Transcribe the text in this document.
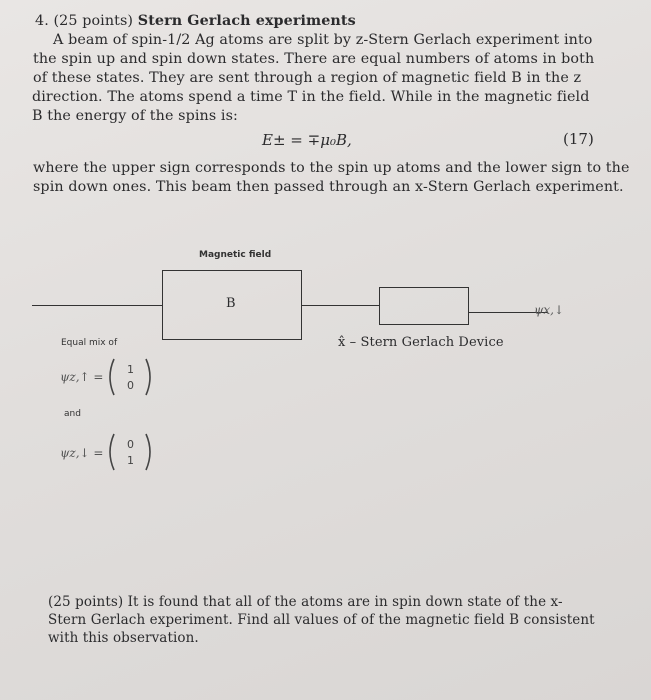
4. (25 points) Stern Gerlach experiments
A beam of spin-1/2 Ag atoms are split by z-Stern Gerlach experiment into
the spin up and spin down states. There are equal numbers of atoms in both
of these states. They are sent through a region of magnetic field B in the z
direction. The atoms spend a time T in the field. While in the magnetic field
B the energy of the spins is:
E± = ∓μ₀B,	(17)
where the upper sign corresponds to the spin up atoms and the lower sign to the
spin down ones. This beam then passed through an x-Stern Gerlach experiment.
Magnetic field
B	ψx,↓
x̂ – Stern Gerlach Device
Equal mix of
ψz,↑ =
1
0
and
ψz,↓ =
0
1
(25 points) It is found that all of the atoms are in spin down state of the x-
Stern Gerlach experiment. Find all values of of the magnetic field B consistent
with this observation.
